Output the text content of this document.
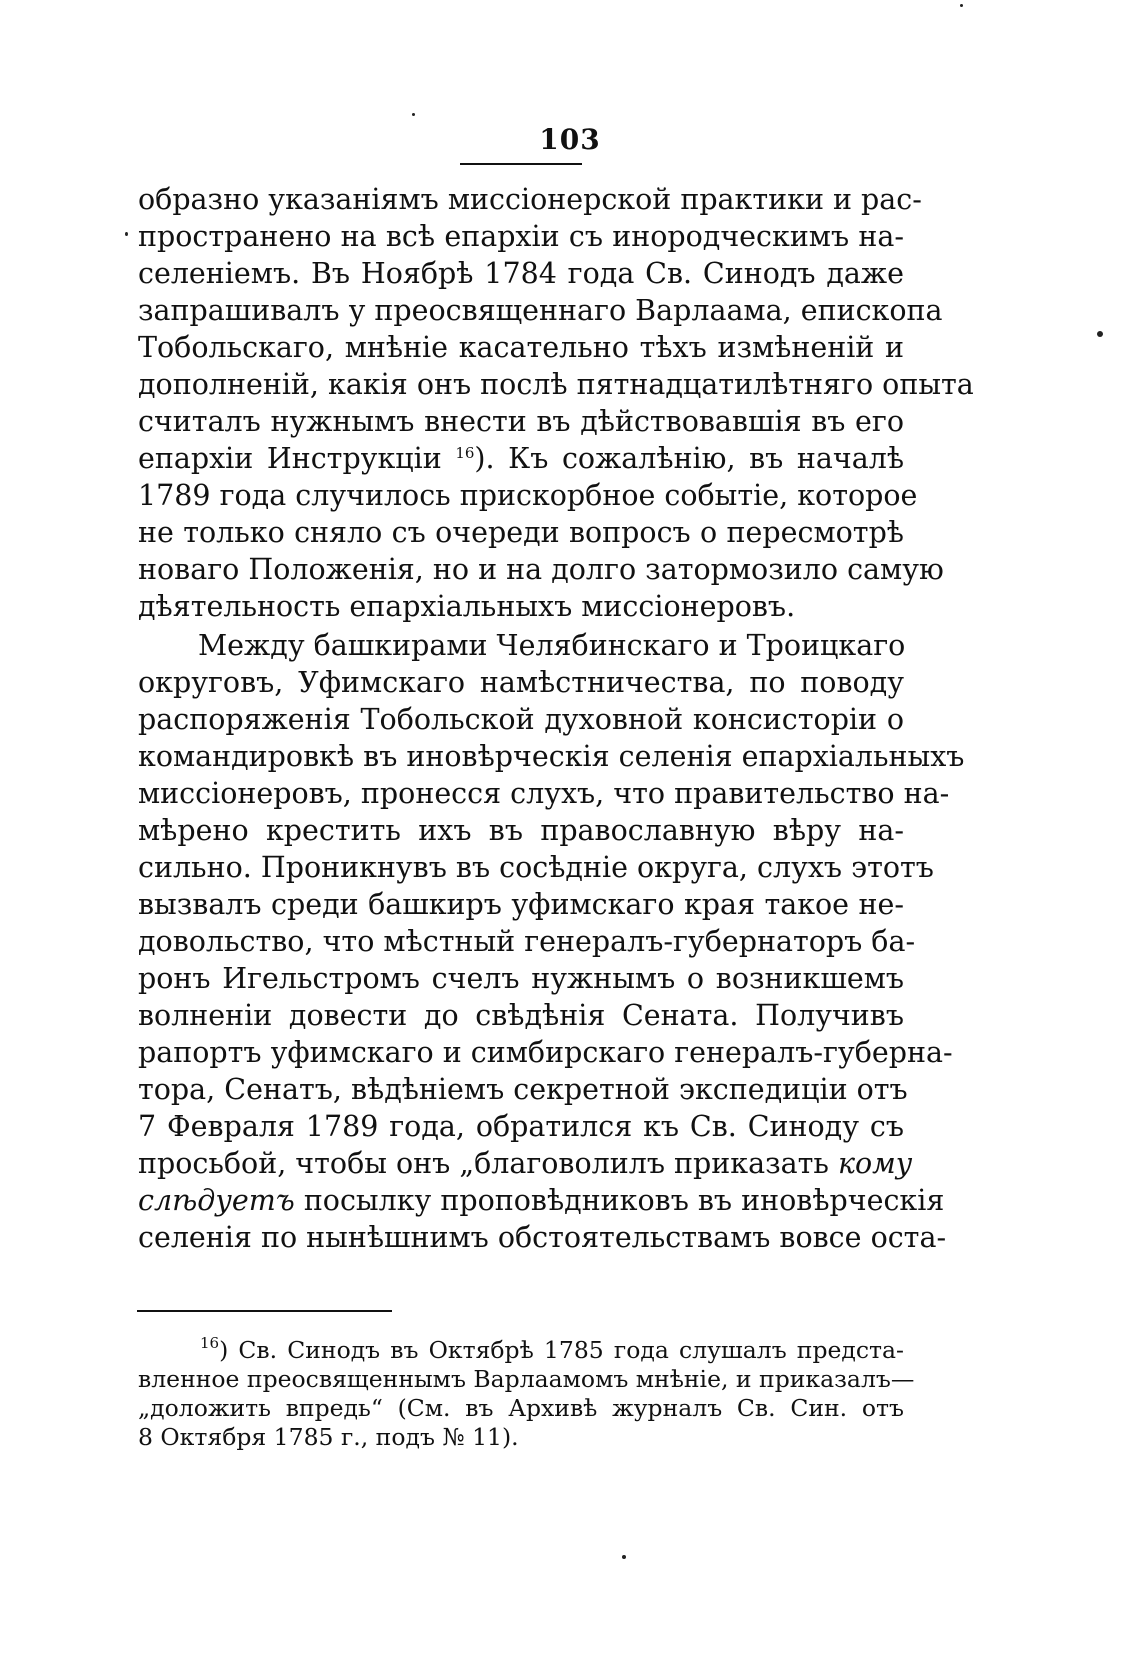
103
образно указаніямъ миссіонерской практики и рас-
пространено на всѣ епархіи съ инородческимъ на-
селеніемъ. Въ Ноябрѣ 1784 года Св. Синодъ даже
запрашивалъ у преосвященнаго Варлаама, епископа
Тобольскаго, мнѣніе касательно тѣхъ измѣненій и
дополненій, какія онъ послѣ пятнадцатилѣтняго опыта
считалъ нужнымъ внести въ дѣйствовавшія въ его
епархіи Инструкціи $^{16}$). Къ сожалѣнію, въ началѣ
1789 года случилось прискорбное событіе, которое
не только сняло съ очереди вопросъ о пересмотрѣ
новаго Положенія, но и на долго затормозило самую
дѣятельность епархіальныхъ миссіонеровъ.
Между башкирами Челябинскаго и Троицкаго
округовъ, Уфимскаго намѣстничества, по поводу
распоряженія Тобольской духовной консисторіи о
командировкѣ въ иновѣрческія селенія епархіальныхъ
миссіонеровъ, пронесся слухъ, что правительство на-
мѣрено крестить ихъ въ православную вѣру на-
сильно. Проникнувъ въ сосѣдніе округа, слухъ этотъ
вызвалъ среди башкиръ уфимскаго края такое не-
довольство, что мѣстный генералъ-губернаторъ ба-
ронъ Игельстромъ счелъ нужнымъ о возникшемъ
волненіи довести до свѣдѣнія Сената. Получивъ
рапортъ уфимскаго и симбирскаго генералъ-губерна-
тора, Сенатъ, вѣдѣніемъ секретной экспедиціи отъ
7 Февраля 1789 года, обратился къ Св. Синоду съ
просьбой, чтобы онъ „благоволилъ приказать кому
слѣдуетъ посылку проповѣдниковъ въ иновѣрческія
селенія по нынѣшнимъ обстоятельствамъ вовсе оста-
$^{16}$) Св. Синодъ въ Октябрѣ 1785 года слушалъ предста-
вленное преосвященнымъ Варлаамомъ мнѣніе, и приказалъ—
„доложить впредь“ (См. въ Архивѣ журналъ Св. Син. отъ
8 Октября 1785 г., подъ № 11).
